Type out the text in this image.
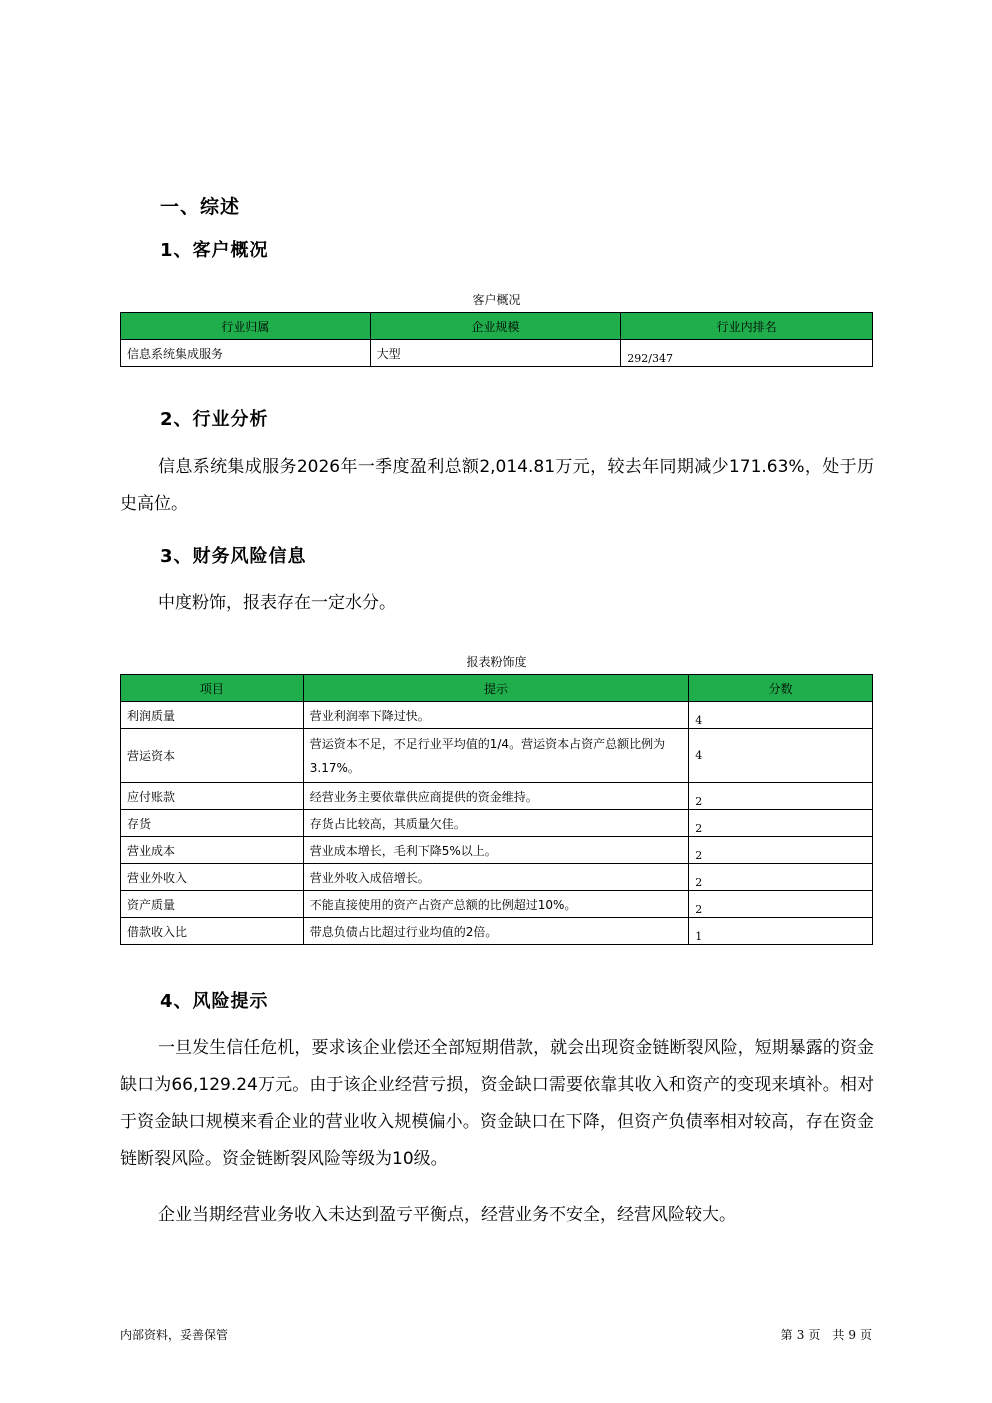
一、综述
1、客户概况
客户概况
行业归属	企业规模	行业内排名
信息系统集成服务	大型	292/347
2、行业分析
信息系统集成服务2026年一季度盈利总额2,014.81万元，较去年同期减少171.63%，处于历史高位。
3、财务风险信息
中度粉饰，报表存在一定水分。
报表粉饰度
项目	提示	分数
利润质量	营业利润率下降过快。	4
营运资本	营运资本不足，不足行业平均值的1/4。营运资本占资产总额比例为3.17%。	4
应付账款	经营业务主要依靠供应商提供的资金维持。	2
存货	存货占比较高，其质量欠佳。	2
营业成本	营业成本增长，毛利下降5%以上。	2
营业外收入	营业外收入成倍增长。	2
资产质量	不能直接使用的资产占资产总额的比例超过10%。	2
借款收入比	带息负债占比超过行业均值的2倍。	1
4、风险提示
一旦发生信任危机，要求该企业偿还全部短期借款，就会出现资金链断裂风险，短期暴露的资金缺口为66,129.24万元。由于该企业经营亏损，资金缺口需要依靠其收入和资产的变现来填补。相对于资金缺口规模来看企业的营业收入规模偏小。资金缺口在下降，但资产负债率相对较高，存在资金链断裂风险。资金链断裂风险等级为10级。
企业当期经营业务收入未达到盈亏平衡点，经营业务不安全，经营风险较大。
内部资料，妥善保管	第 3 页　共 9 页
